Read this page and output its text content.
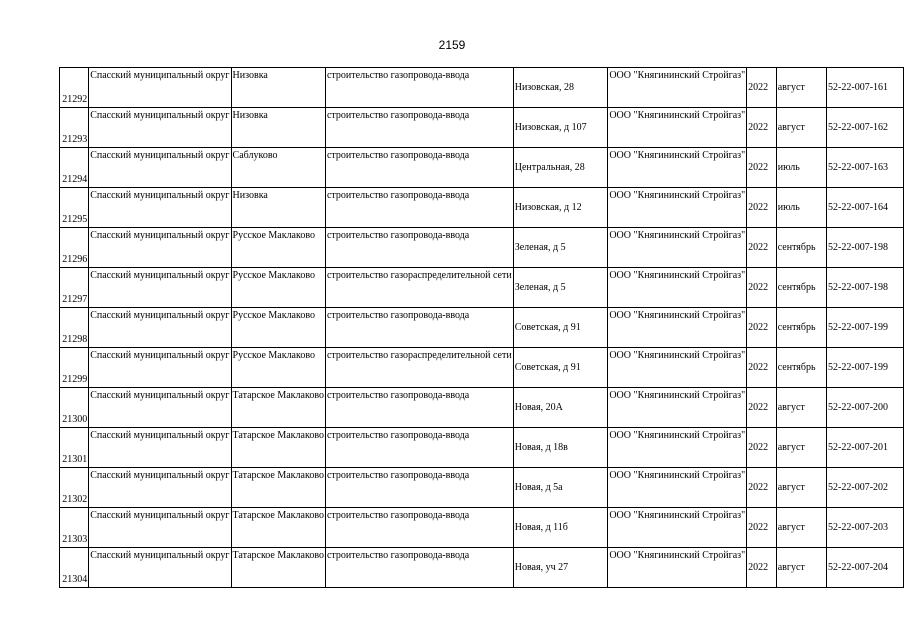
2159
21292	Спасский муниципальный округ	Низовка	строительство газопровода-ввода	Низовская, 28	ООО "Княгининский Стройгаз"	2022	август	52-22-007-161
21293	Спасский муниципальный округ	Низовка	строительство газопровода-ввода	Низовская, д 107	ООО "Княгининский Стройгаз"	2022	август	52-22-007-162
21294	Спасский муниципальный округ	Саблуково	строительство газопровода-ввода	Центральная, 28	ООО "Княгининский Стройгаз"	2022	июль	52-22-007-163
21295	Спасский муниципальный округ	Низовка	строительство газопровода-ввода	Низовская, д 12	ООО "Княгининский Стройгаз"	2022	июль	52-22-007-164
21296	Спасский муниципальный округ	Русское Маклаково	строительство газопровода-ввода	Зеленая, д 5	ООО "Княгининский Стройгаз"	2022	сентябрь	52-22-007-198
21297	Спасский муниципальный округ	Русское Маклаково	строительство газораспределительной сети	Зеленая, д 5	ООО "Княгининский Стройгаз"	2022	сентябрь	52-22-007-198
21298	Спасский муниципальный округ	Русское Маклаково	строительство газопровода-ввода	Советская, д 91	ООО "Княгининский Стройгаз"	2022	сентябрь	52-22-007-199
21299	Спасский муниципальный округ	Русское Маклаково	строительство газораспределительной сети	Советская, д 91	ООО "Княгининский Стройгаз"	2022	сентябрь	52-22-007-199
21300	Спасский муниципальный округ	Татарское Маклаково	строительство газопровода-ввода	Новая, 20А	ООО "Княгининский Стройгаз"	2022	август	52-22-007-200
21301	Спасский муниципальный округ	Татарское Маклаково	строительство газопровода-ввода	Новая, д 18в	ООО "Княгининский Стройгаз"	2022	август	52-22-007-201
21302	Спасский муниципальный округ	Татарское Маклаково	строительство газопровода-ввода	Новая, д 5а	ООО "Княгининский Стройгаз"	2022	август	52-22-007-202
21303	Спасский муниципальный округ	Татарское Маклаково	строительство газопровода-ввода	Новая, д 11б	ООО "Княгининский Стройгаз"	2022	август	52-22-007-203
21304	Спасский муниципальный округ	Татарское Маклаково	строительство газопровода-ввода	Новая, уч 27	ООО "Княгининский Стройгаз"	2022	август	52-22-007-204
